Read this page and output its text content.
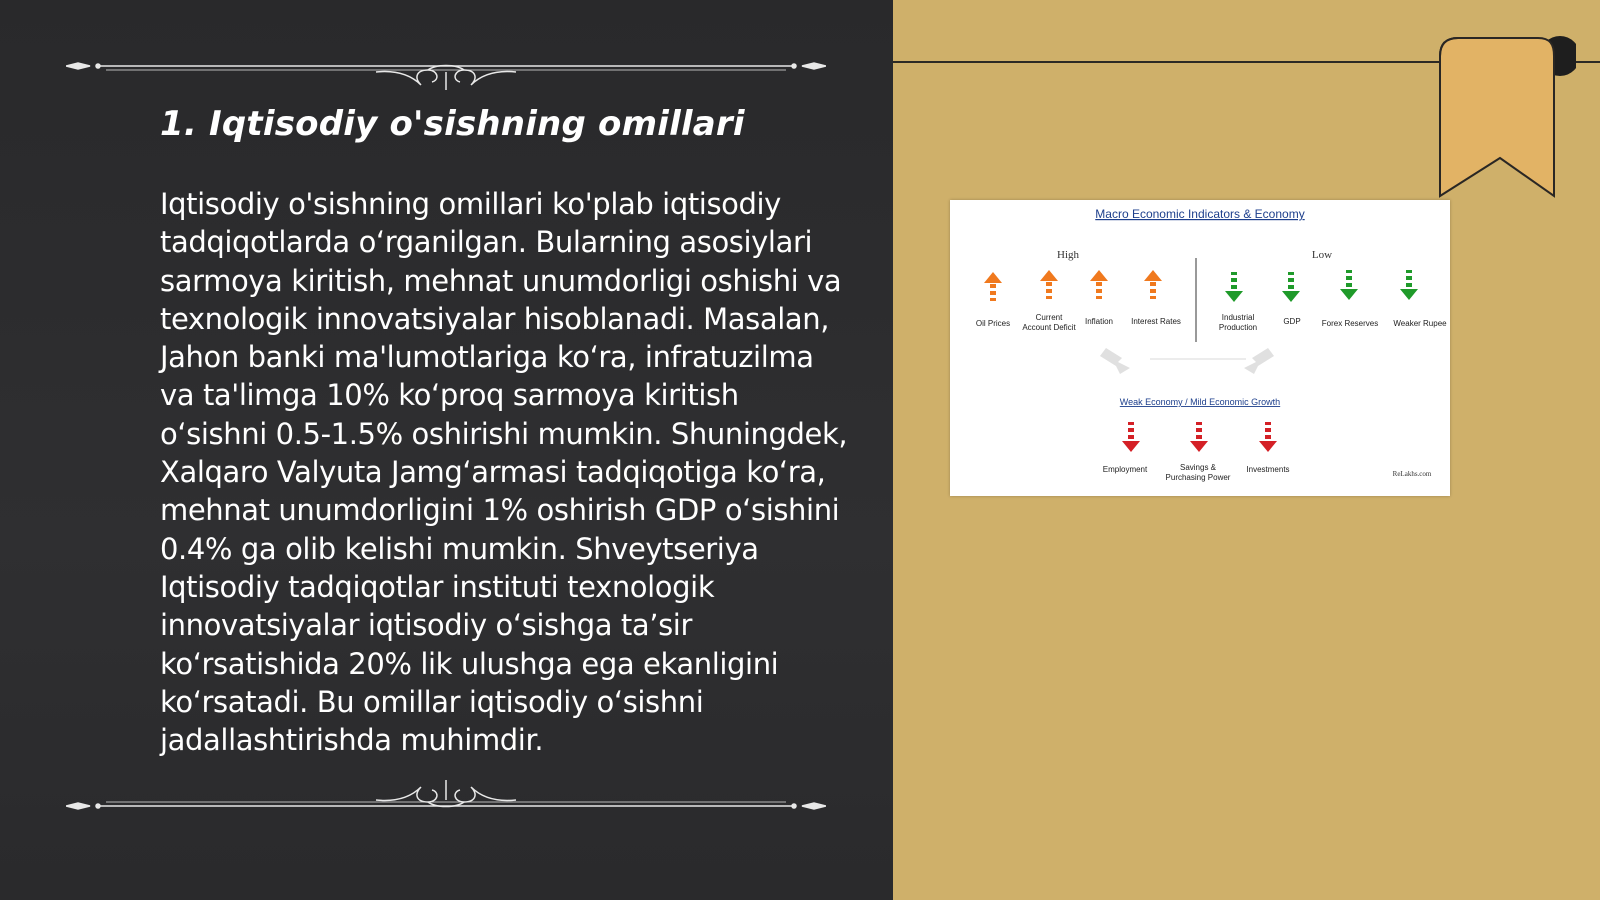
1. Iqtisodiy o'sishning omillari

Iqtisodiy o'sishning omillari ko'plab iqtisodiy tadqiqotlarda o‘rganilgan. Bularning asosiylari sarmoya kiritish, mehnat unumdorligi oshishi va texnologik innovatsiyalar hisoblanadi. Masalan, Jahon banki ma'lumotlariga ko‘ra, infratuzilma va ta'limga 10% ko‘proq sarmoya kiritish o‘sishni 0.5-1.5% oshirishi mumkin. Shuningdek, Xalqaro Valyuta Jamg‘armasi tadqiqotiga ko‘ra, mehnat unumdorligini 1% oshirish GDP o‘sishini 0.4% ga olib kelishi mumkin. Shveytseriya Iqtisodiy tadqiqotlar instituti texnologik innovatsiyalar iqtisodiy o‘sishga ta’sir ko‘rsatishida 20% lik ulushga ega ekanligini ko‘rsatadi. Bu omillar iqtisodiy o‘sishni jadallashtirishda muhimdir.

Macro Economic Indicators & Economy
High	Low
Oil Prices
Current
Account Deficit
Inflation Interest Rates	Industrial
Production
GDP	Forex Reserves Weaker Rupee
Weak Economy / Mild Economic Growth
Employment	Savings &
Purchasing Power
Investments	ReLakhs.com
